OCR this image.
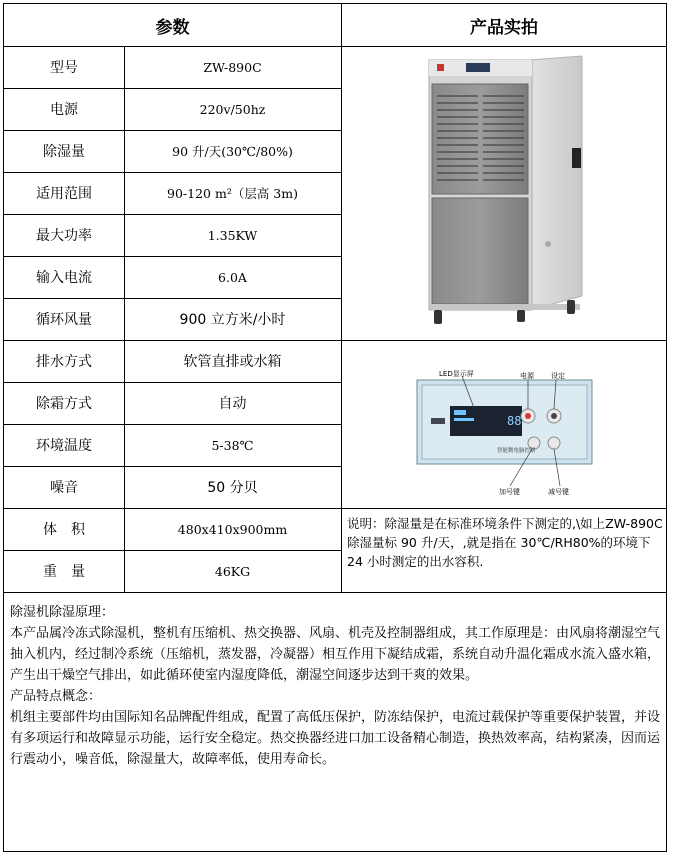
参数	产品实拍
型号	ZW-890C
电源	220v/50hz
除湿量	90 升/天(30℃/80%)
适用范围	90-120 m²（层高 3m)
最大功率	1.35KW
输入电流	6.0A
循环风量	900 立方米/小时
排水方式	软管直排或水箱
除霜方式	自动
环境温度	5-38℃
噪音	50 分贝
体　积	480x410x900mm
重　量	46KG
88
智能微电脑控制
LED显示屏	电源 设定
加号键	减号键
说明：除湿量是在标准环境条件下测定的,\如上ZW-890C 除湿量标 90 升/天，,就是指在 30℃/RH80%的环境下 24 小时测定的出水容积.

除湿机除湿原理：

本产品属冷冻式除湿机，整机有压缩机、热交换器、风扇、机壳及控制器组成，其工作原理是：由风扇将潮湿空气抽入机内，经过制冷系统（压缩机，蒸发器，冷凝器）相互作用下凝结成霜，系统自动升温化霜成水流入盛水箱，产生出干燥空气排出，如此循环使室内湿度降低，潮湿空间逐步达到干爽的效果。

产品特点概念：

机组主要部件均由国际知名品牌配件组成，配置了高低压保护，防冻结保护，电流过载保护等重要保护装置，并设有多项运行和故障显示功能，运行安全稳定。热交换器经进口加工设备精心制造，换热效率高，结构紧凑，因而运行震动小，噪音低，除湿量大，故障率低，使用寿命长。
